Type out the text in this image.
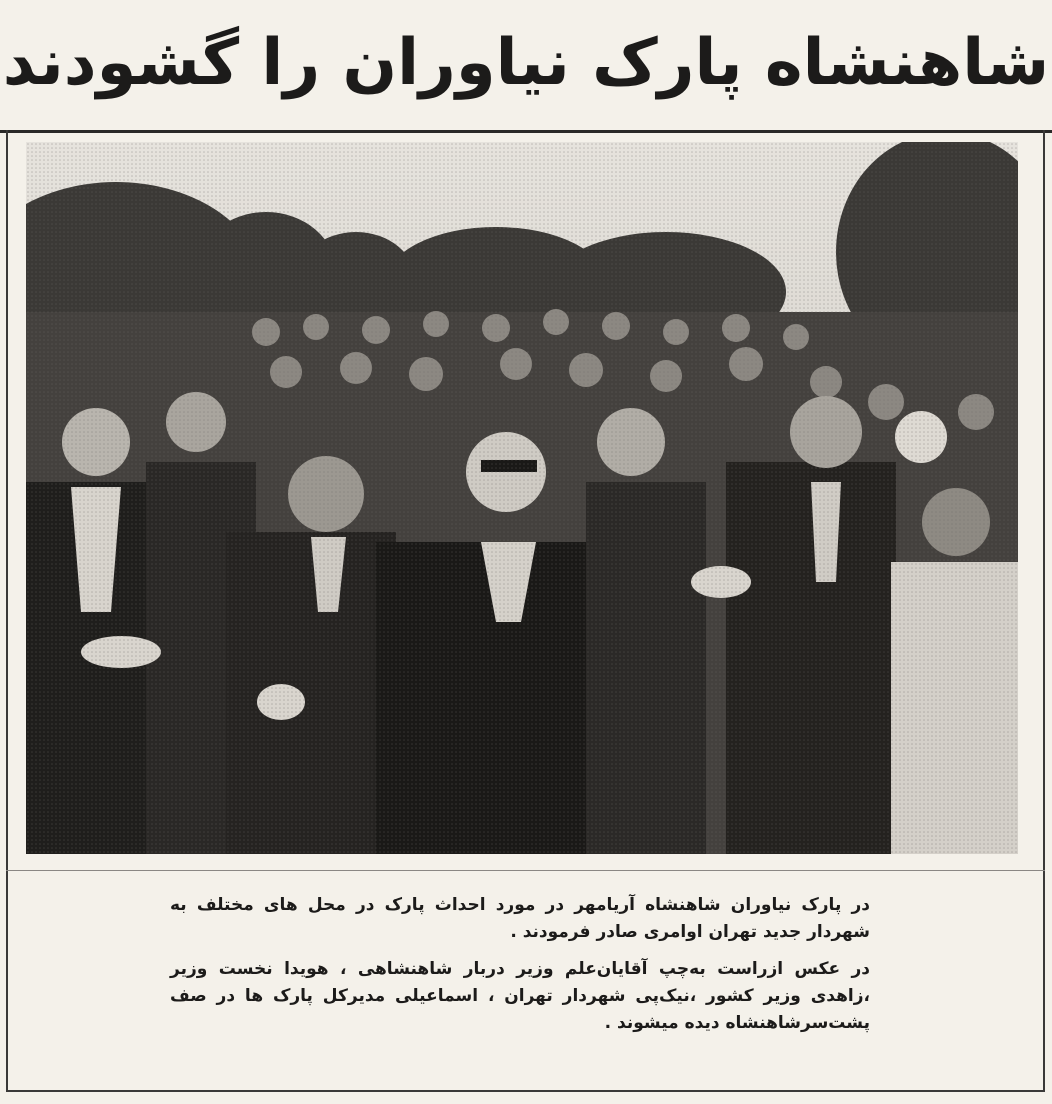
شاهنشاه پارک نیاوران را گشودند

در پارک نیاوران شاهنشاه آریامهر در مورد احداث پارک در محل های مختلف به شهردار جدید تهران اوامری صادر فرمودند .

در عکس ازراست به‌چپ آقایان‌علم وزیر دربار شاهنشاهی ، هویدا نخست وزیر ،زاهدی وزیر کشور ،نیک‌پی شهردار تهران ، اسماعیلی مدیرکل پارک ها در صف پشت‌سرشاهنشاه دیده میشوند .
